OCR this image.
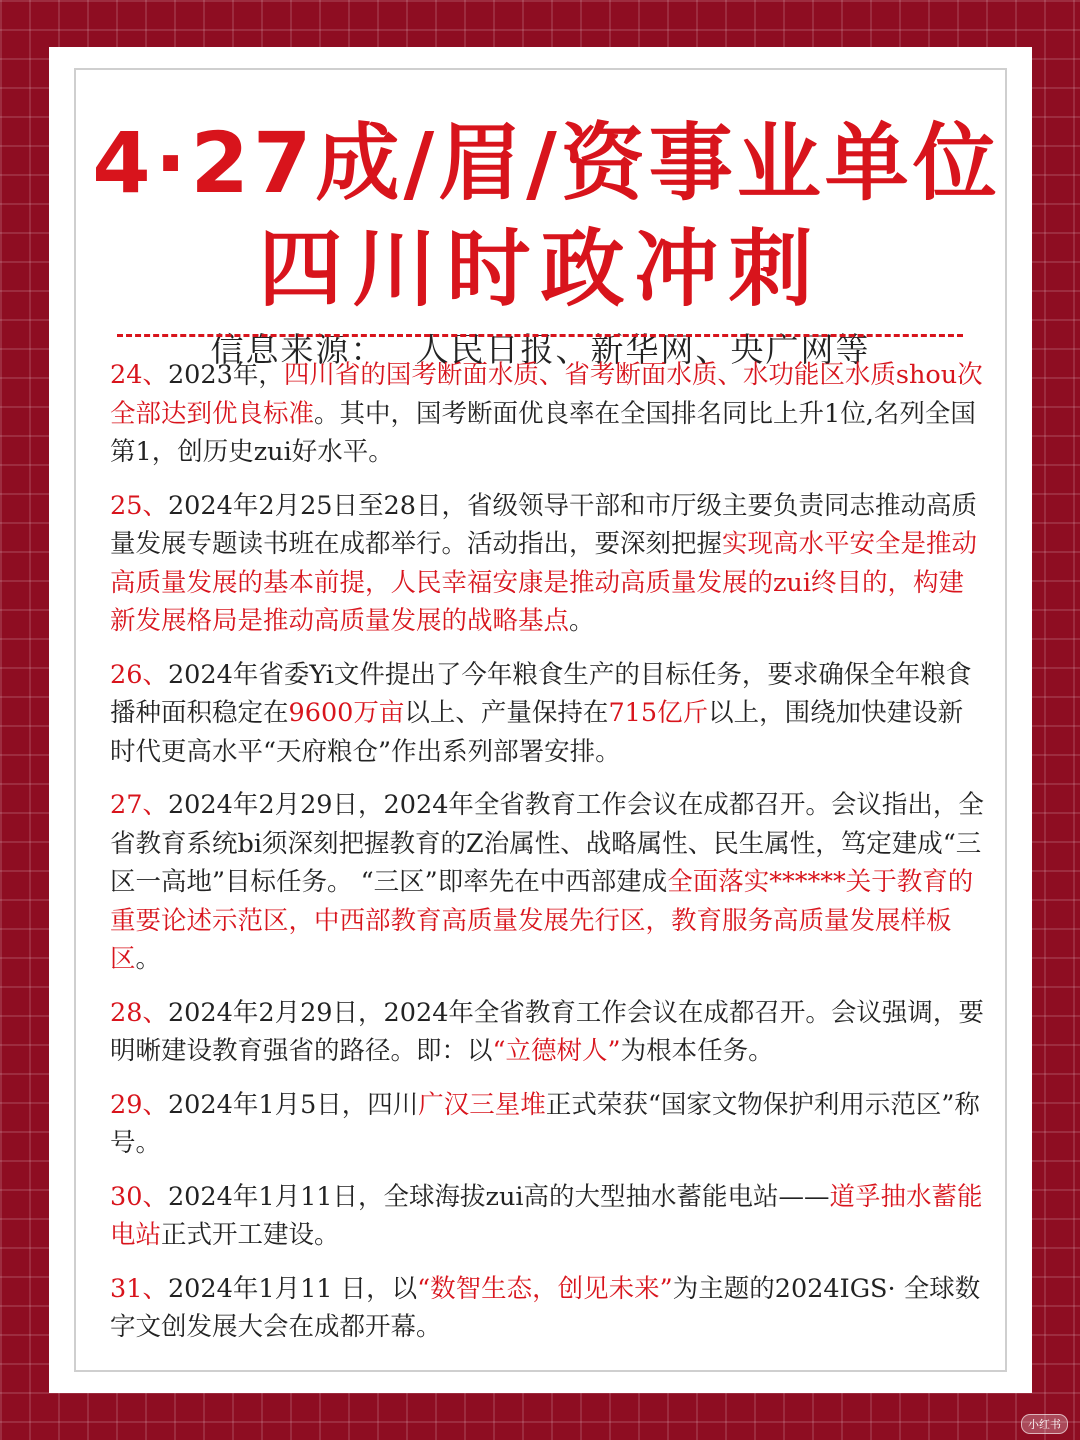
4·27成/眉/资事业单位
四川时政冲刺
信息来源： 人民日报、新华网、央广网等

24、2023年，四川省的国考断面水质、省考断面水质、水功能区水质shou次全部达到优良标准。其中，国考断面优良率在全国排名同比上升1位,名列全国第1，创历史zui好水平。

25、2024年2月25日至28日，省级领导干部和市厅级主要负责同志推动高质量发展专题读书班在成都举行。活动指出，要深刻把握实现高水平安全是推动高质量发展的基本前提，人民幸福安康是推动高质量发展的zui终目的，构建新发展格局是推动高质量发展的战略基点。

26、2024年省委Yi文件提出了今年粮食生产的目标任务，要求确保全年粮食播种面积稳定在9600万亩以上、产量保持在715亿斤以上，围绕加快建设新时代更高水平“天府粮仓”作出系列部署安排。

27、2024年2月29日，2024年全省教育工作会议在成都召开。会议指出，全省教育系统bi须深刻把握教育的Z治属性、战略属性、民生属性，笃定建成“三区一高地”目标任务。 “三区”即率先在中西部建成全面落实******关于教育的重要论述示范区，中西部教育高质量发展先行区，教育服务高质量发展样板区。

28、2024年2月29日，2024年全省教育工作会议在成都召开。会议强调，要明晰建设教育强省的路径。即：以“立德树人”为根本任务。

29、2024年1月5日，四川广汉三星堆正式荣获“国家文物保护利用示范区”称号。

30、2024年1月11日，全球海拔zui高的大型抽水蓄能电站——道孚抽水蓄能电站正式开工建设。

31、2024年1月11 日，以“数智生态，创见未来”为主题的2024IGS· 全球数字文创发展大会在成都开幕。

小红书
